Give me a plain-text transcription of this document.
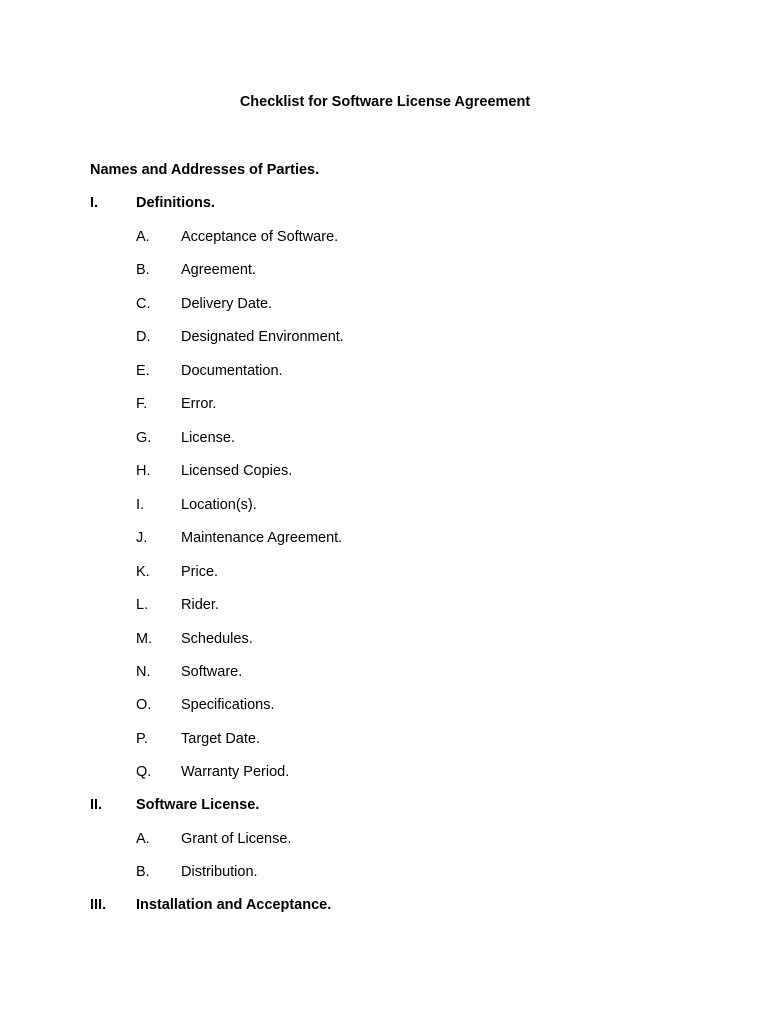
Checklist for Software License Agreement
Names and Addresses of Parties.
I.	Definitions.
A. Acceptance of Software.
B. Agreement.
C. Delivery Date.
D. Designated Environment.
E. Documentation.
F. Error.
G. License.
H. Licensed Copies.
I.	Location(s).
J. Maintenance Agreement.
K. Price.
L. Rider.
M. Schedules.
N. Software.
O. Specifications.
P. Target Date.
Q. Warranty Period.
II. Software License.
A. Grant of License.
B. Distribution.
III. Installation and Acceptance.
